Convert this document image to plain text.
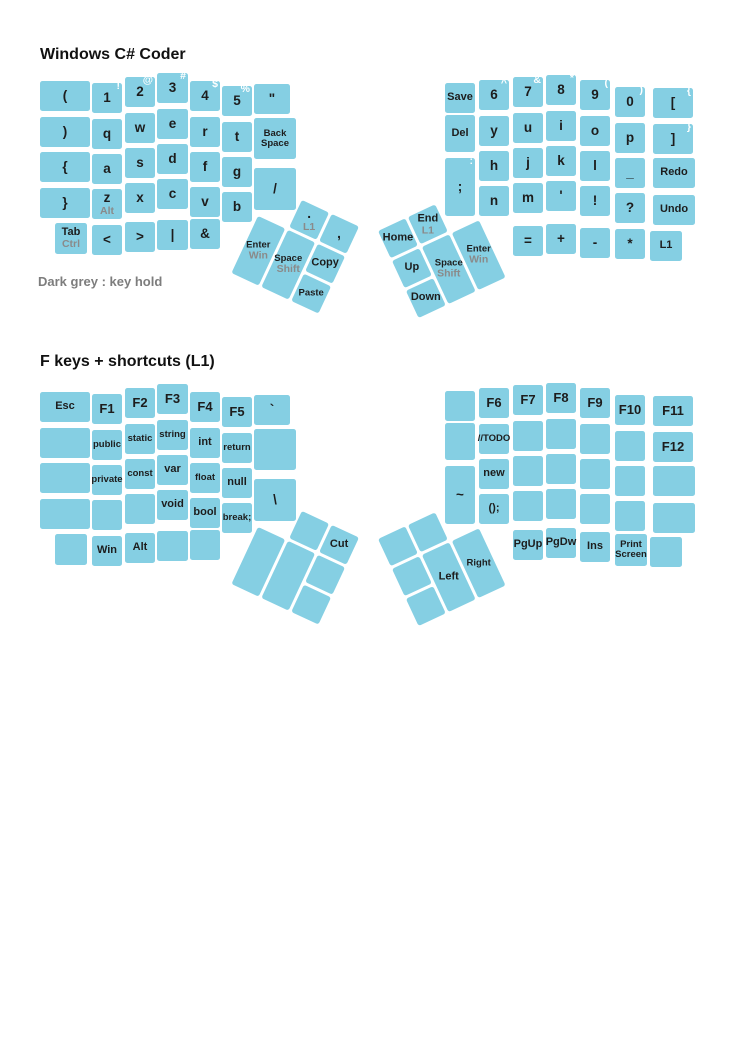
Windows C# Coder
Dark grey : key hold
F keys + shortcuts (L1)
(
)
{
}
Tab
Ctrl
!
1
q
a
z
Alt
<
@
2
w
s
x
>
#
3
e
d
c
|
$
4
r
f
v
&
%
5
t
g
b
"
Back Space
/
Save
Del
:
;
^
6
y
h
n
&
7
u
j
m
=
*
8
i
k
'
+
(
9
o
l
!
-
)
0
p
_
?
*
{
[
}
]
Redo
Undo
L1
.
L1 ,
Enter
Win Space
Shift
Copy
Paste
Home
End
L1
Up Space
Shift
Enter
Win
Down
Esc F1
public
private
Win
F2
static
const
Alt
F3
string
var
void
F4
int
float
bool
F5
return
null
break;
`
\	~
F6
//TODO
new
();
F7
PgUp
F8
PgDw
F9
Ins
F10
Print Screen
F11
F12
Cut
Left
Right
